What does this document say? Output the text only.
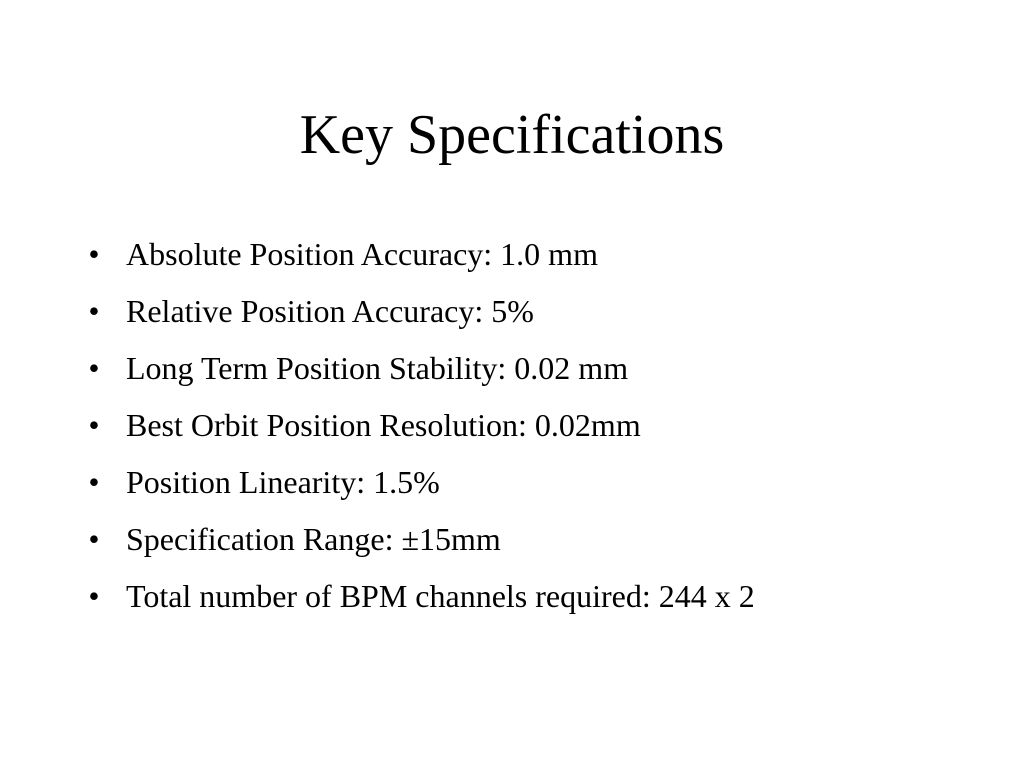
Key Specifications
• Absolute Position Accuracy: 1.0 mm
• Relative Position Accuracy: 5%
• Long Term Position Stability: 0.02 mm
• Best Orbit Position Resolution: 0.02mm
• Position Linearity: 1.5%
• Specification Range: ±15mm
• Total number of BPM channels required: 244 x 2
